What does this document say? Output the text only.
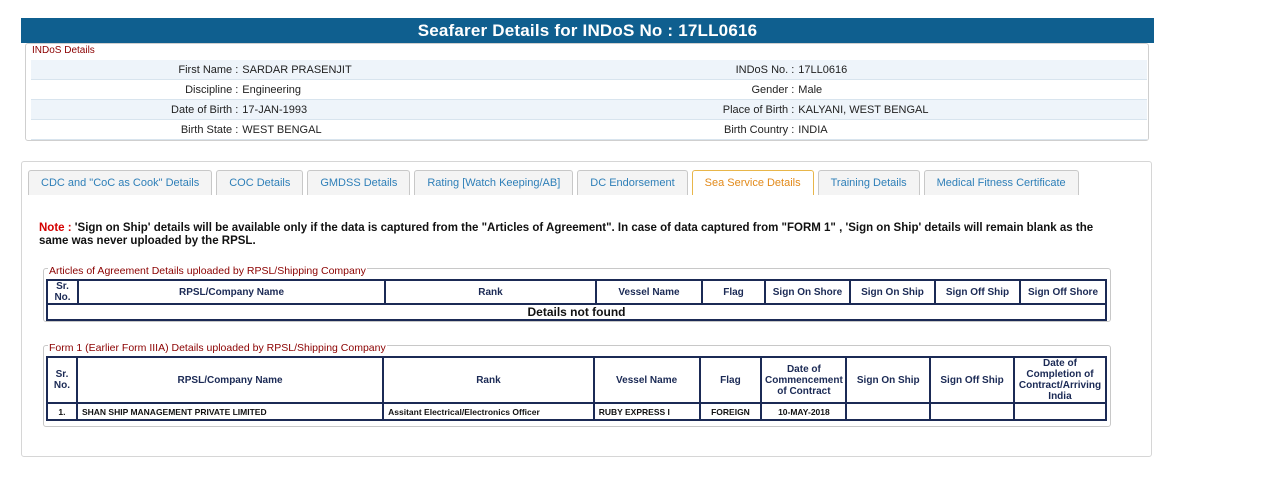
Seafarer Details for INDoS No : 17LL0616
INDoS Details
First Name :	SARDAR PRASENJIT	INDoS No. :	17LL0616
Discipline :	Engineering	Gender :	Male
Date of Birth :	17-JAN-1993	Place of Birth :	KALYANI, WEST BENGAL
Birth State :	WEST BENGAL	Birth Country :	INDIA
CDC and "CoC as Cook" Details	COC Details	GMDSS Details	Rating [Watch Keeping/AB]	DC Endorsement	Sea Service Details	Training Details	Medical Fitness Certificate
Note : 'Sign on Ship' details will be available only if the data is captured from the "Articles of Agreement". In case of data captured from "FORM 1" , 'Sign on Ship' details will remain blank as the same was never uploaded by the RPSL.
Articles of Agreement Details uploaded by RPSL/Shipping Company
Sr. No.	RPSL/Company Name	Rank	Vessel Name	Flag	Sign On Shore	Sign On Ship	Sign Off Ship	Sign Off Shore
Details not found
Form 1 (Earlier Form IIIA) Details uploaded by RPSL/Shipping Company
Sr. No.	RPSL/Company Name	Rank	Vessel Name	Flag	Date of Commencement of Contract	Sign On Ship	Sign Off Ship	Date of Completion of Contract/Arriving India
1.	SHAN SHIP MANAGEMENT PRIVATE LIMITED	Assitant Electrical/Electronics Officer	RUBY EXPRESS I	FOREIGN	10-MAY-2018			
